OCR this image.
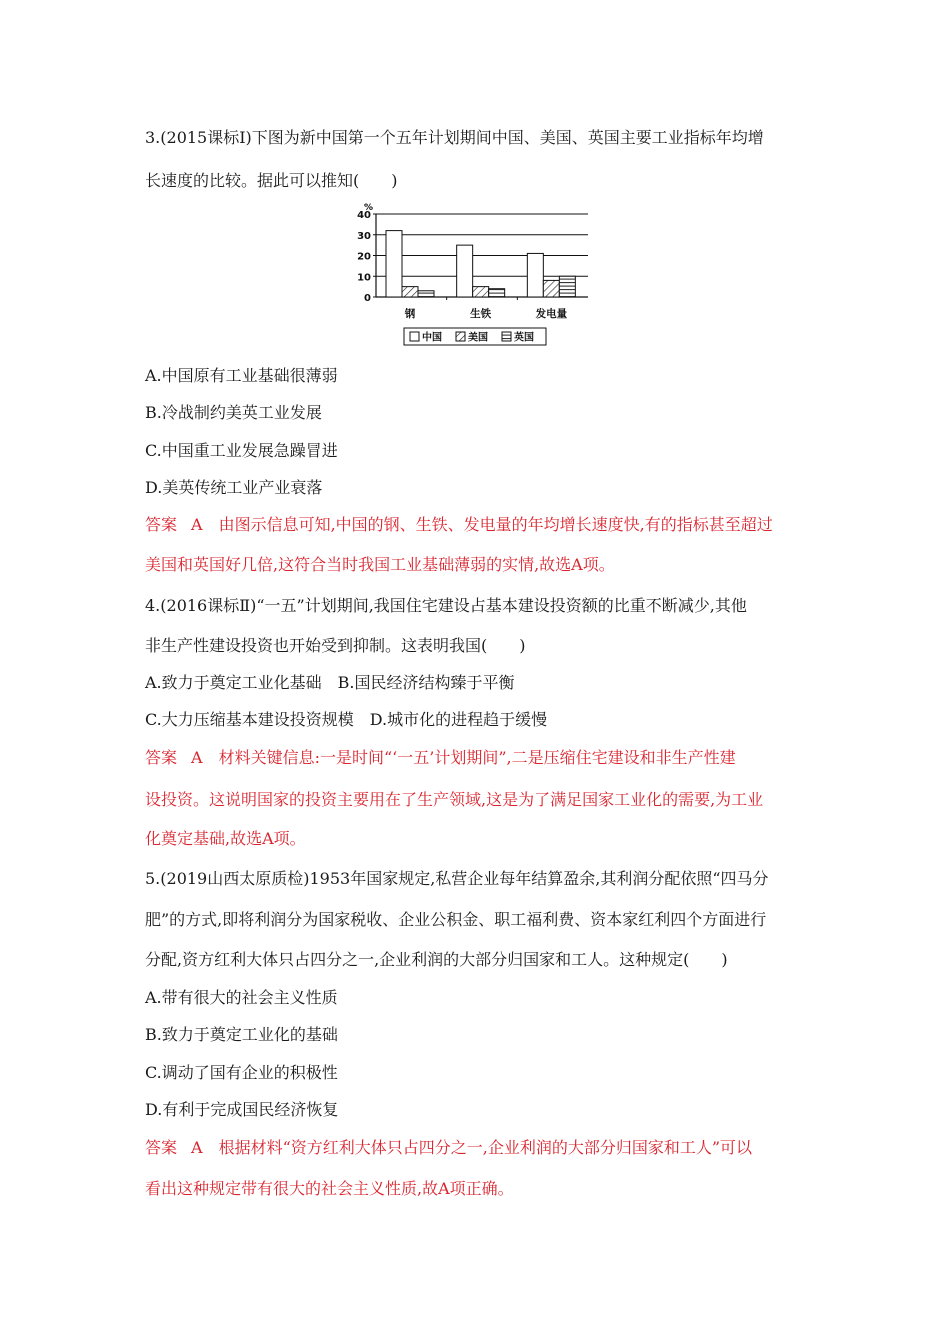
3.(2015课标Ⅰ)下图为新中国第一个五年计划期间中国、美国、英国主要工业指标年均增
长速度的比较。据此可以推知(　　)
0
10
20
30
40
%
钢	生铁	发电量
中国	美国	英国
A.中国原有工业基础很薄弱
B.冷战制约美英工业发展
C.中国重工业发展急躁冒进
D.美英传统工业产业衰落
答案 A 由图示信息可知,中国的钢、生铁、发电量的年均增长速度快,有的指标甚至超过
美国和英国好几倍,这符合当时我国工业基础薄弱的实情,故选A项。
4.(2016课标Ⅱ)“一五”计划期间,我国住宅建设占基本建设投资额的比重不断减少,其他
非生产性建设投资也开始受到抑制。这表明我国(　　)
A.致力于奠定工业化基础　B.国民经济结构臻于平衡
C.大力压缩基本建设投资规模　D.城市化的进程趋于缓慢
答案 A 材料关键信息:一是时间“‘一五’计划期间”,二是压缩住宅建设和非生产性建
设投资。这说明国家的投资主要用在了生产领域,这是为了满足国家工业化的需要,为工业
化奠定基础,故选A项。
5.(2019山西太原质检)1953年国家规定,私营企业每年结算盈余,其利润分配依照“四马分
肥”的方式,即将利润分为国家税收、企业公积金、职工福利费、资本家红利四个方面进行
分配,资方红利大体只占四分之一,企业利润的大部分归国家和工人。这种规定(　　)
A.带有很大的社会主义性质
B.致力于奠定工业化的基础
C.调动了国有企业的积极性
D.有利于完成国民经济恢复
答案 A 根据材料“资方红利大体只占四分之一,企业利润的大部分归国家和工人”可以
看出这种规定带有很大的社会主义性质,故A项正确。
